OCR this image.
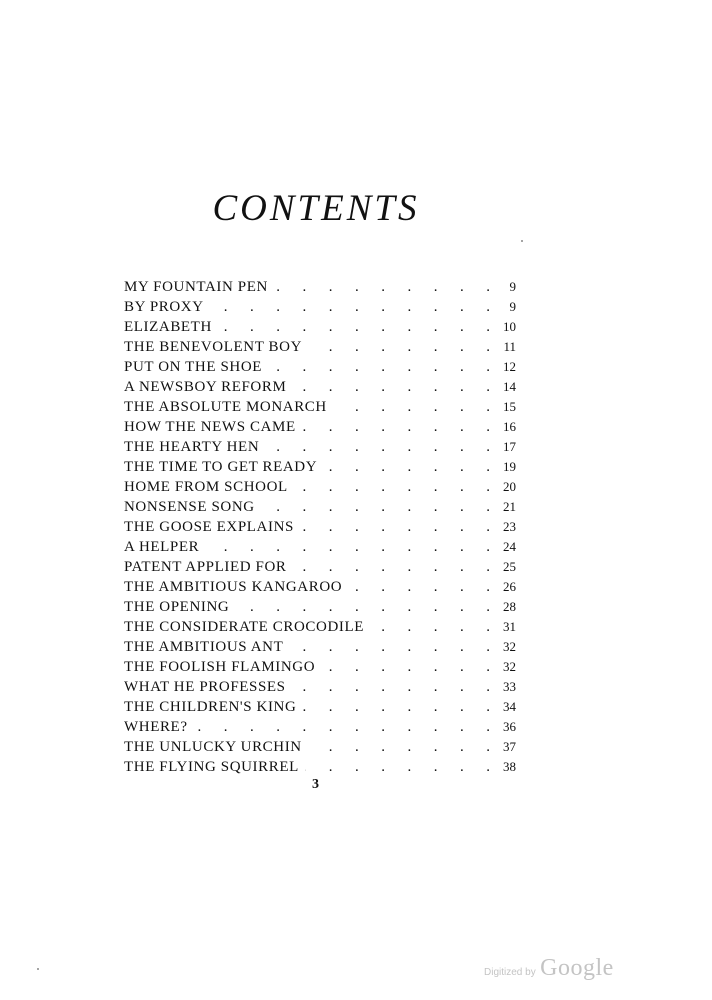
CONTENTS
MY FOUNTAIN PEN .	9
BY PROXY .	9
ELIZABETH .	10
THE BENEVOLENT BOY .	11
PUT ON THE SHOE .	12
A NEWSBOY REFORM .	14
THE ABSOLUTE MONARCH .	15
HOW THE NEWS CAME .	16
THE HEARTY HEN .	17
THE TIME TO GET READY .	19
HOME FROM SCHOOL .	20
NONSENSE SONG .	21
THE GOOSE EXPLAINS .	23
A HELPER .	24
PATENT APPLIED FOR .	25
THE AMBITIOUS KANGAROO .	26
THE OPENING .	28
THE CONSIDERATE CROCODILE .	31
THE AMBITIOUS ANT .	32
THE FOOLISH FLAMINGO .	32
WHAT HE PROFESSES .	33
THE CHILDREN'S KING .	34
WHERE? .	36
THE UNLUCKY URCHIN .	37
THE FLYING SQUIRREL .	38
3
Digitized by Google
